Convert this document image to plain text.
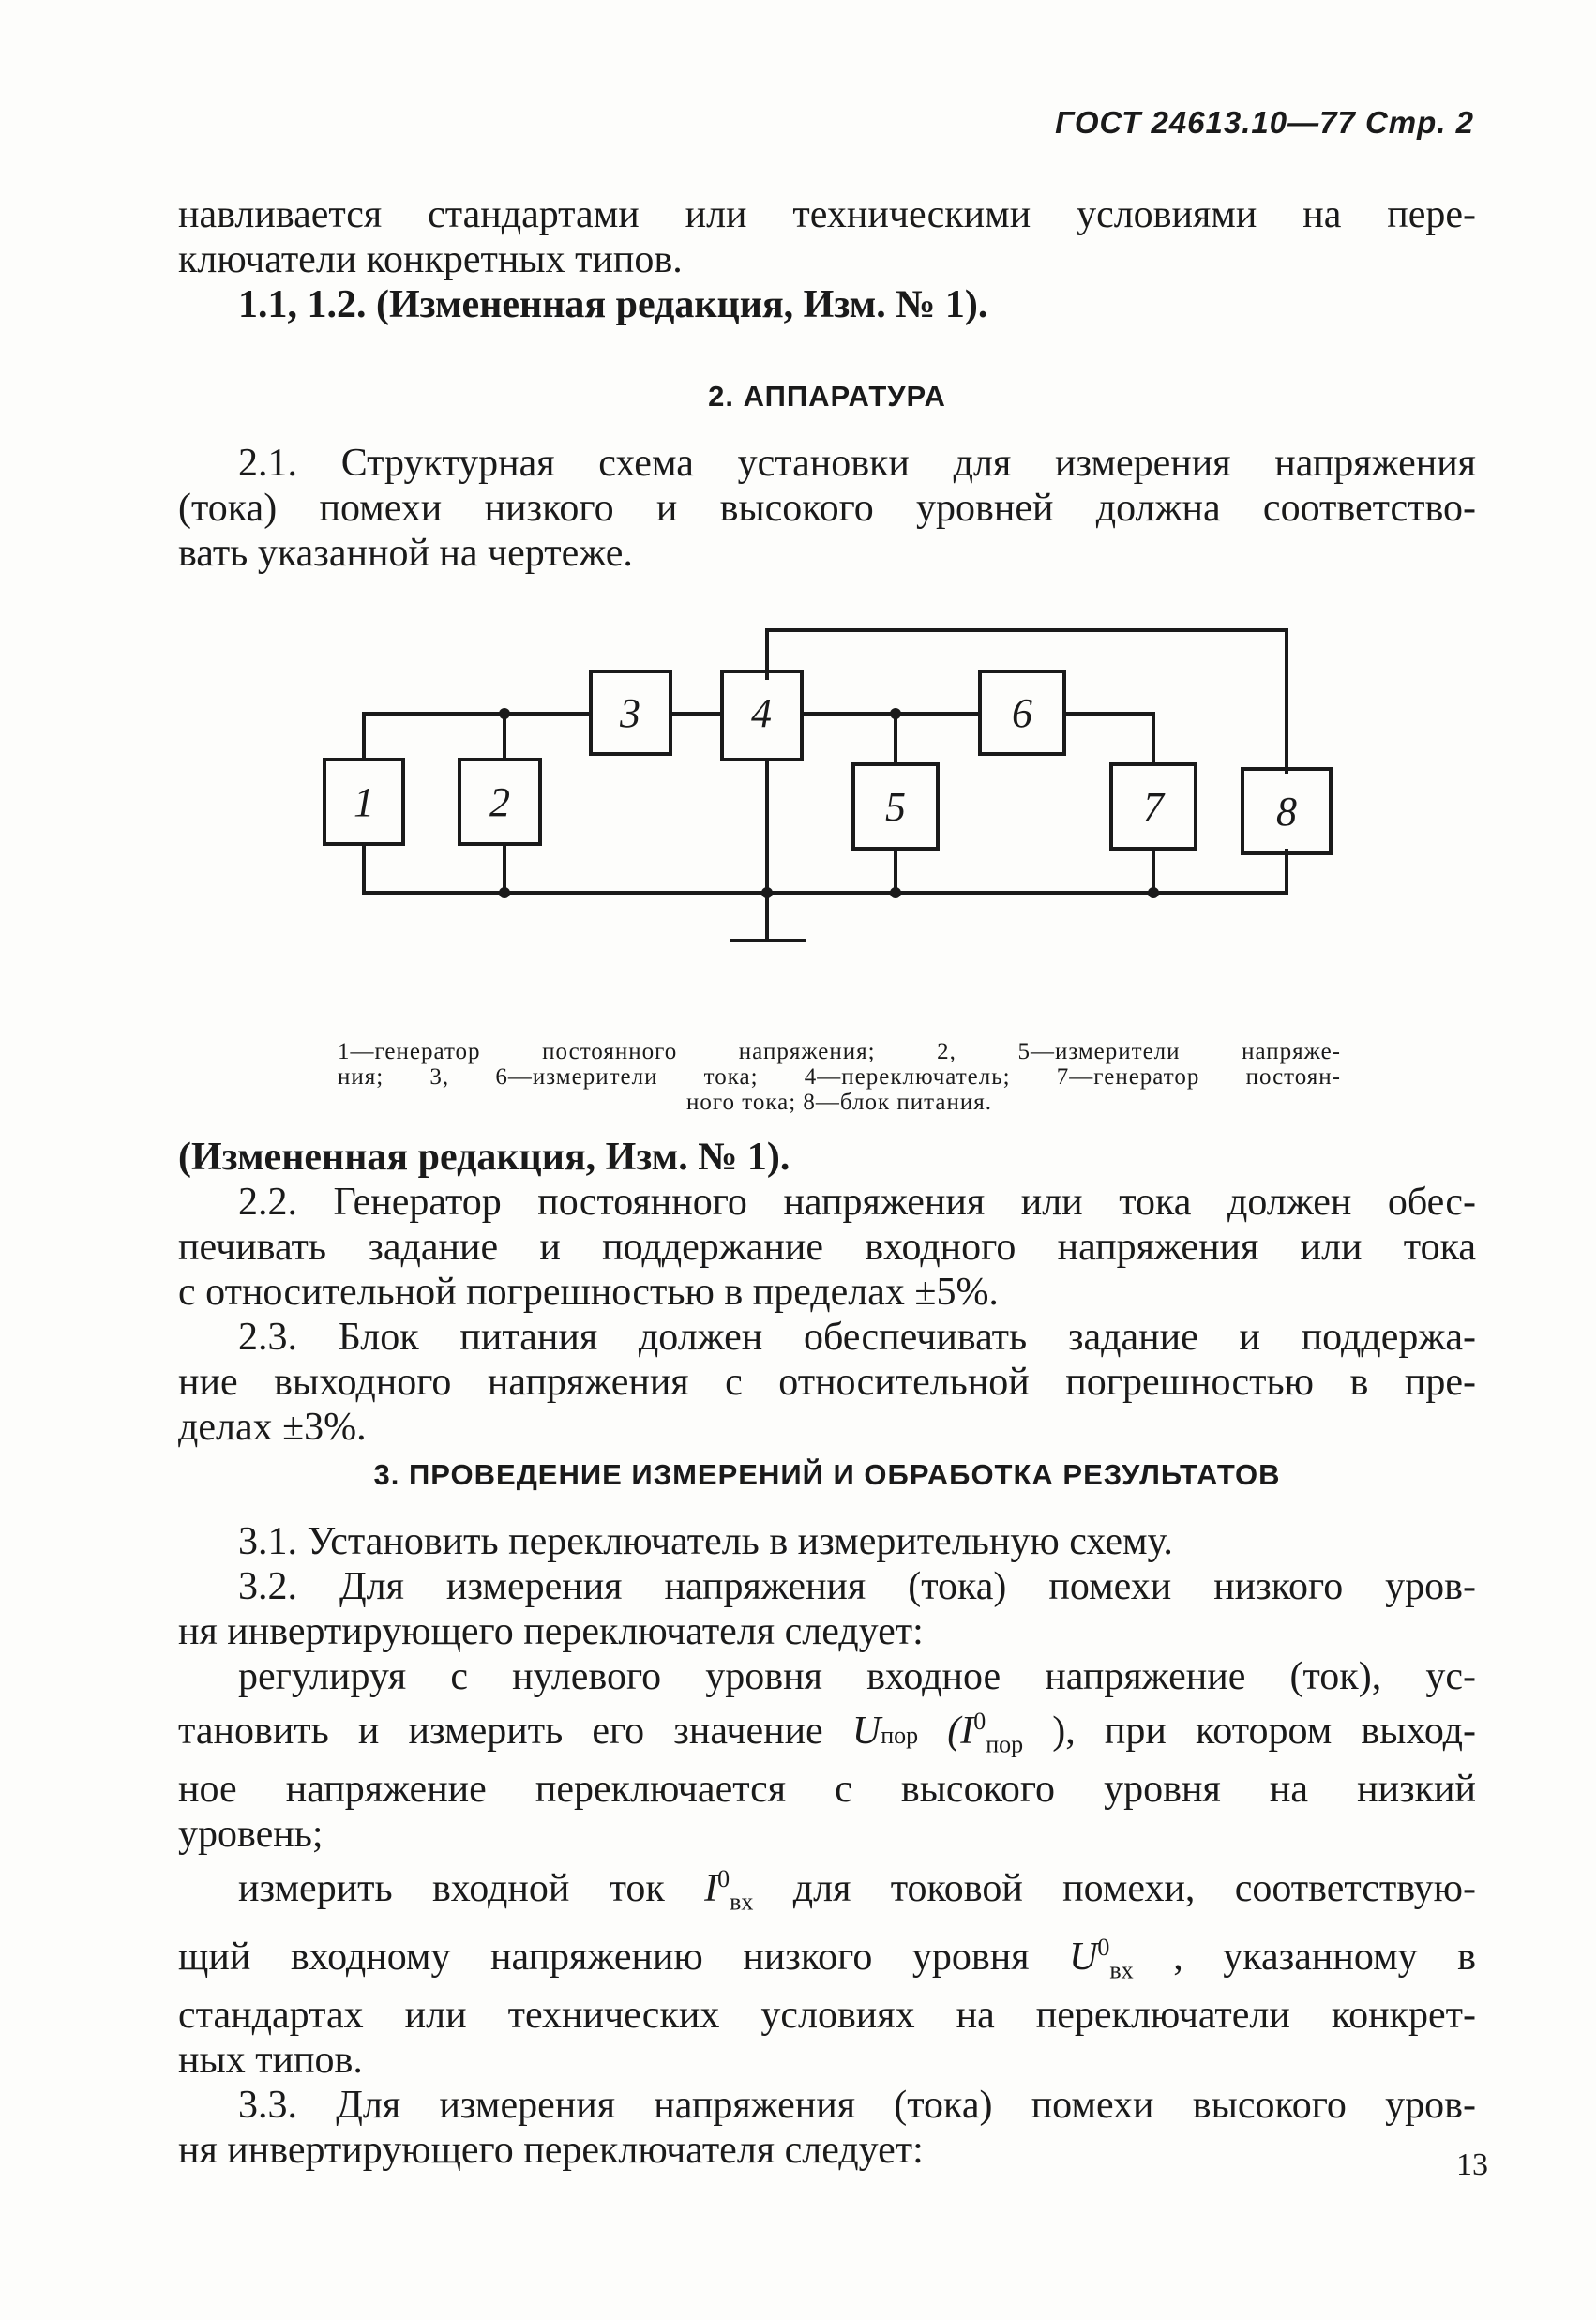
ГОСТ 24613.10—77 Стр. 2

навливается стандартами или техническими условиями на пере-

ключатели конкретных типов.

1.1, 1.2. (Измененная редакция, Изм. № 1).

2. АППАРАТУРА

2.1. Структурная схема установки для измерения напряжения

(тока) помехи низкого и высокого уровней должна соответство-

вать указанной на чертеже.

1	2
3	4
5
6
7	8
1—генератор постоянного напряжения; 2, 5—измерители напряже-
ния; 3, 6—измерители тока; 4—переключатель; 7—генератор постоян-
ного тока; 8—блок питания.

(Измененная редакция, Изм. № 1).

2.2. Генератор постоянного напряжения или тока должен обес-

печивать задание и поддержание входного напряжения или тока

с относительной погрешностью в пределах ±5%.

2.3. Блок питания должен обеспечивать задание и поддержа-

ние выходного напряжения с относительной погрешностью в пре-

делах ±3%.

3. ПРОВЕДЕНИЕ ИЗМЕРЕНИЙ И ОБРАБОТКА РЕЗУЛЬТАТОВ

3.1. Установить переключатель в измерительную схему.

3.2. Для измерения напряжения (тока) помехи низкого уров-

ня инвертирующего переключателя следует:

регулируя с нулевого уровня входное напряжение (ток), ус-

тановить и измерить его значение Uпор ($I^0_{пор}$ ), при котором выход-

ное напряжение переключается с высокого уровня на низкий

уровень;

измерить входной ток $I^0_{вх}$ для токовой помехи, соответствую-

щий входному напряжению низкого уровня $U^0_{вх}$ , указанному в

стандартах или технических условиях на переключатели конкрет-

ных типов.

3.3. Для измерения напряжения (тока) помехи высокого уров-

ня инвертирующего переключателя следует:	13
